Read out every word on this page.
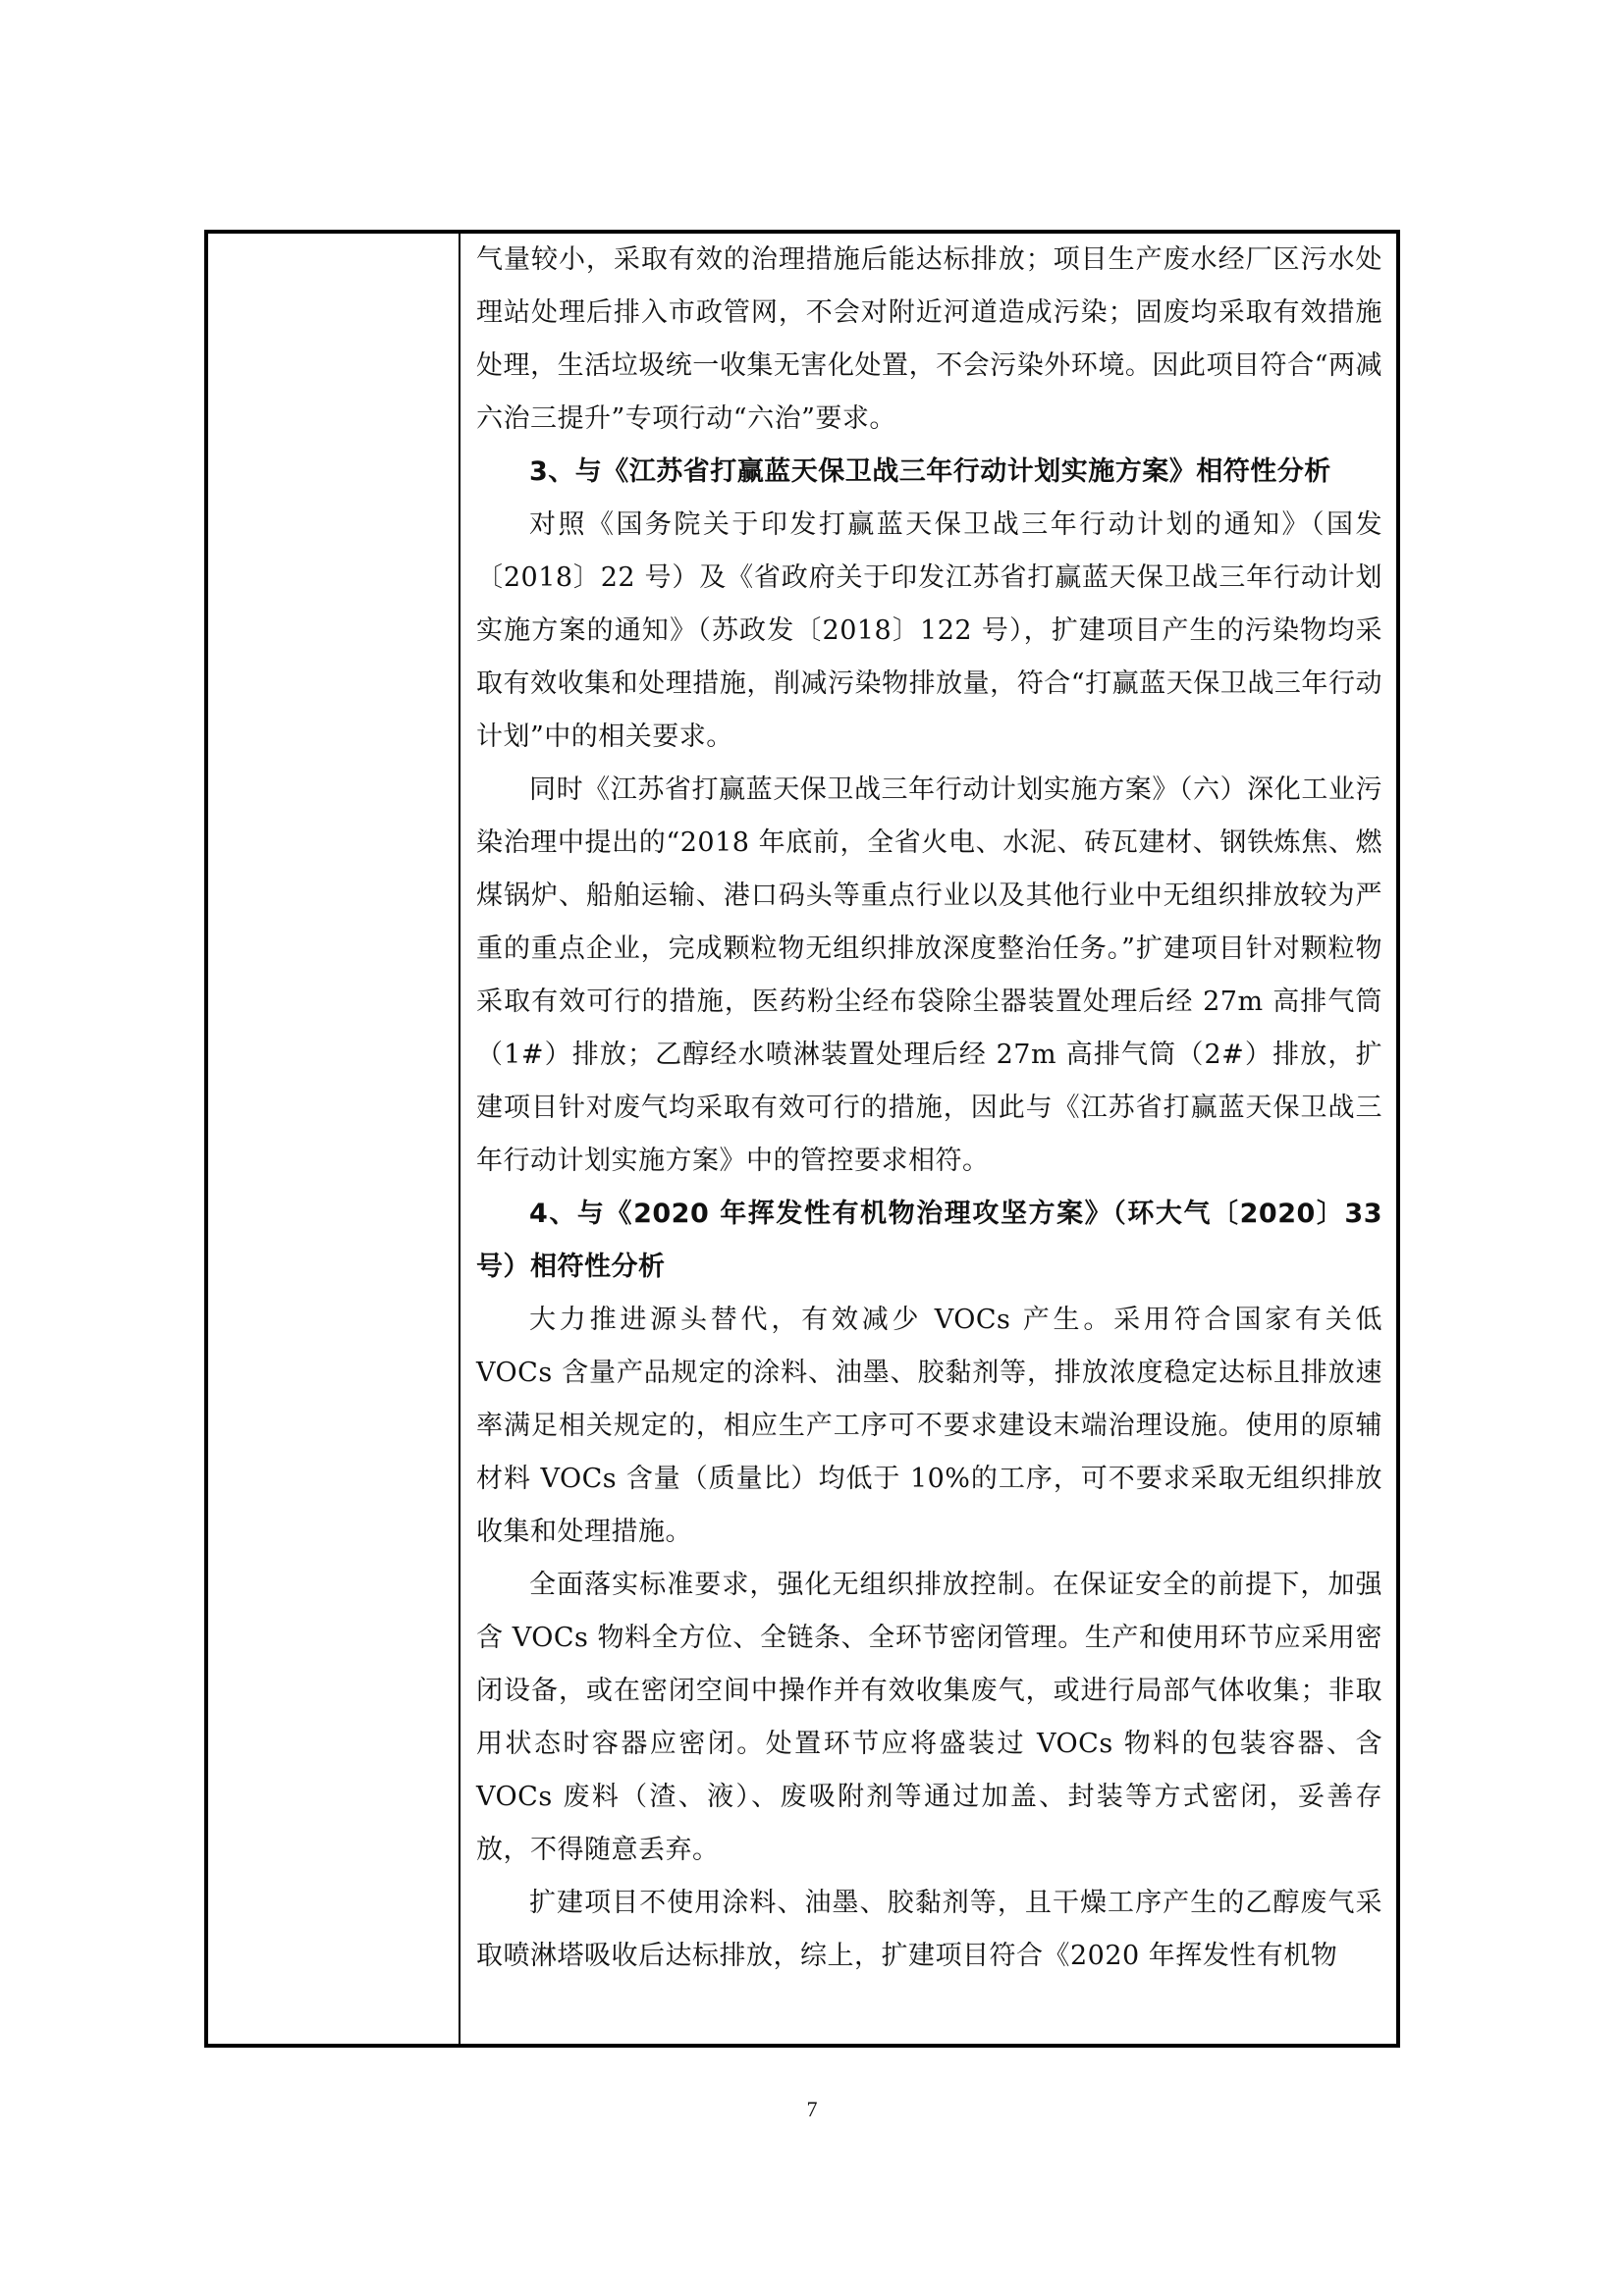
气量较小，采取有效的治理措施后能达标排放；项目生产废水经厂区污水处理站处理后排入市政管网，不会对附近河道造成污染；固废均采取有效措施处理，生活垃圾统一收集无害化处置，不会污染外环境。因此项目符合“两减六治三提升”专项行动“六治”要求。

3、与《江苏省打赢蓝天保卫战三年行动计划实施方案》相符性分析

对照《国务院关于印发打赢蓝天保卫战三年行动计划的通知》（国发〔2018〕22 号）及《省政府关于印发江苏省打赢蓝天保卫战三年行动计划实施方案的通知》（苏政发〔2018〕122 号），扩建项目产生的污染物均采取有效收集和处理措施，削减污染物排放量，符合“打赢蓝天保卫战三年行动计划”中的相关要求。

同时《江苏省打赢蓝天保卫战三年行动计划实施方案》（六）深化工业污染治理中提出的“2018 年底前，全省火电、水泥、砖瓦建材、钢铁炼焦、燃煤锅炉、船舶运输、港口码头等重点行业以及其他行业中无组织排放较为严重的重点企业，完成颗粒物无组织排放深度整治任务。”扩建项目针对颗粒物采取有效可行的措施，医药粉尘经布袋除尘器装置处理后经 27m 高排气筒（1#）排放；乙醇经水喷淋装置处理后经 27m 高排气筒（2#）排放，扩建项目针对废气均采取有效可行的措施，因此与《江苏省打赢蓝天保卫战三年行动计划实施方案》中的管控要求相符。

4、与《2020 年挥发性有机物治理攻坚方案》（环大气〔2020〕33 号）相符性分析

大力推进源头替代，有效减少 VOCs 产生。采用符合国家有关低 VOCs 含量产品规定的涂料、油墨、胶黏剂等，排放浓度稳定达标且排放速率满足相关规定的，相应生产工序可不要求建设末端治理设施。使用的原辅材料 VOCs 含量（质量比）均低于 10%的工序，可不要求采取无组织排放收集和处理措施。

全面落实标准要求，强化无组织排放控制。在保证安全的前提下，加强含 VOCs 物料全方位、全链条、全环节密闭管理。生产和使用环节应采用密闭设备，或在密闭空间中操作并有效收集废气，或进行局部气体收集；非取用状态时容器应密闭。处置环节应将盛装过 VOCs 物料的包装容器、含 VOCs 废料（渣、液）、废吸附剂等通过加盖、封装等方式密闭，妥善存放，不得随意丢弃。

扩建项目不使用涂料、油墨、胶黏剂等，且干燥工序产生的乙醇废气采取喷淋塔吸收后达标排放，综上，扩建项目符合《2020 年挥发性有机物

7
